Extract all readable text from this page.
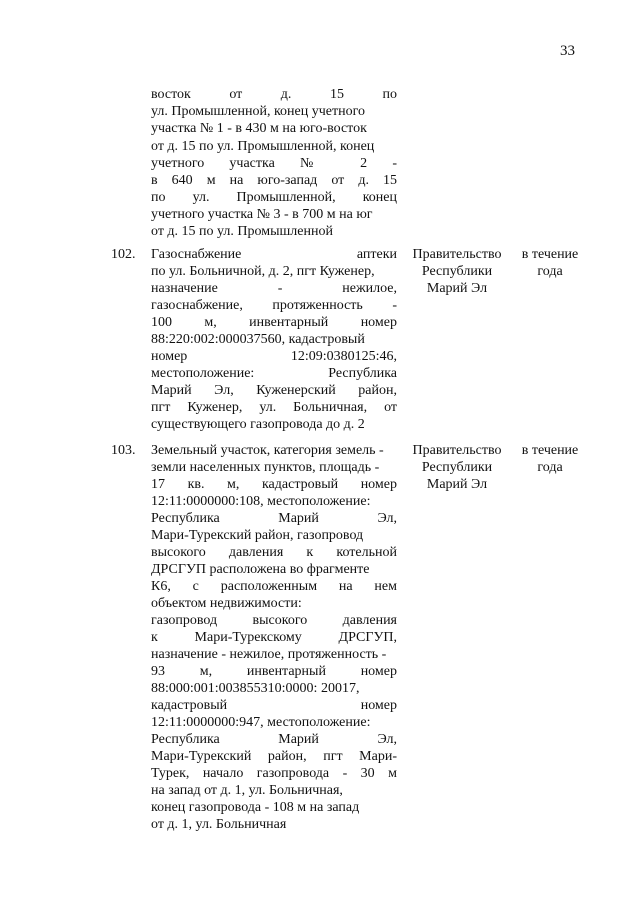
33
восток от д. 15 по
ул. Промышленной, конец учетного
участка № 1 - в 430 м на юго-восток
от д. 15 по ул. Промышленной, конец
учетного участка № 2 -
в 640 м на юго-запад от д. 15
по ул. Промышленной, конец
учетного участка № 3 - в 700 м на юг
от д. 15 по ул. Промышленной
102. Газоснабжение аптеки
по ул. Больничной, д. 2, пгт Куженер,
назначение - нежилое,
газоснабжение, протяженность -
100 м, инвентарный номер
88:220:002:000037560, кадастровый
номер 12:09:0380125:46,
местоположение: Республика
Марий Эл, Куженерский район,
пгт Куженер, ул. Больничная, от
существующего газопровода до д. 2
Правительство
Республики
Марий Эл
в течение
года
103. Земельный участок, категория земель -
земли населенных пунктов, площадь -
17 кв. м, кадастровый номер
12:11:0000000:108, местоположение:
Республика Марий Эл,
Мари-Турекский район, газопровод
высокого давления к котельной
ДРСГУП расположена во фрагменте
К6, с расположенным на нем
объектом недвижимости:
газопровод высокого давления
к Мари-Турекскому ДРСГУП,
назначение - нежилое, протяженность -
93 м, инвентарный номер
88:000:001:003855310:0000: 20017,
кадастровый номер
12:11:0000000:947, местоположение:
Республика Марий Эл,
Мари-Турекский район, пгт Мари-
Турек, начало газопровода - 30 м
на запад от д. 1, ул. Больничная,
конец газопровода - 108 м на запад
от д. 1, ул. Больничная
Правительство
Республики
Марий Эл
в течение
года
